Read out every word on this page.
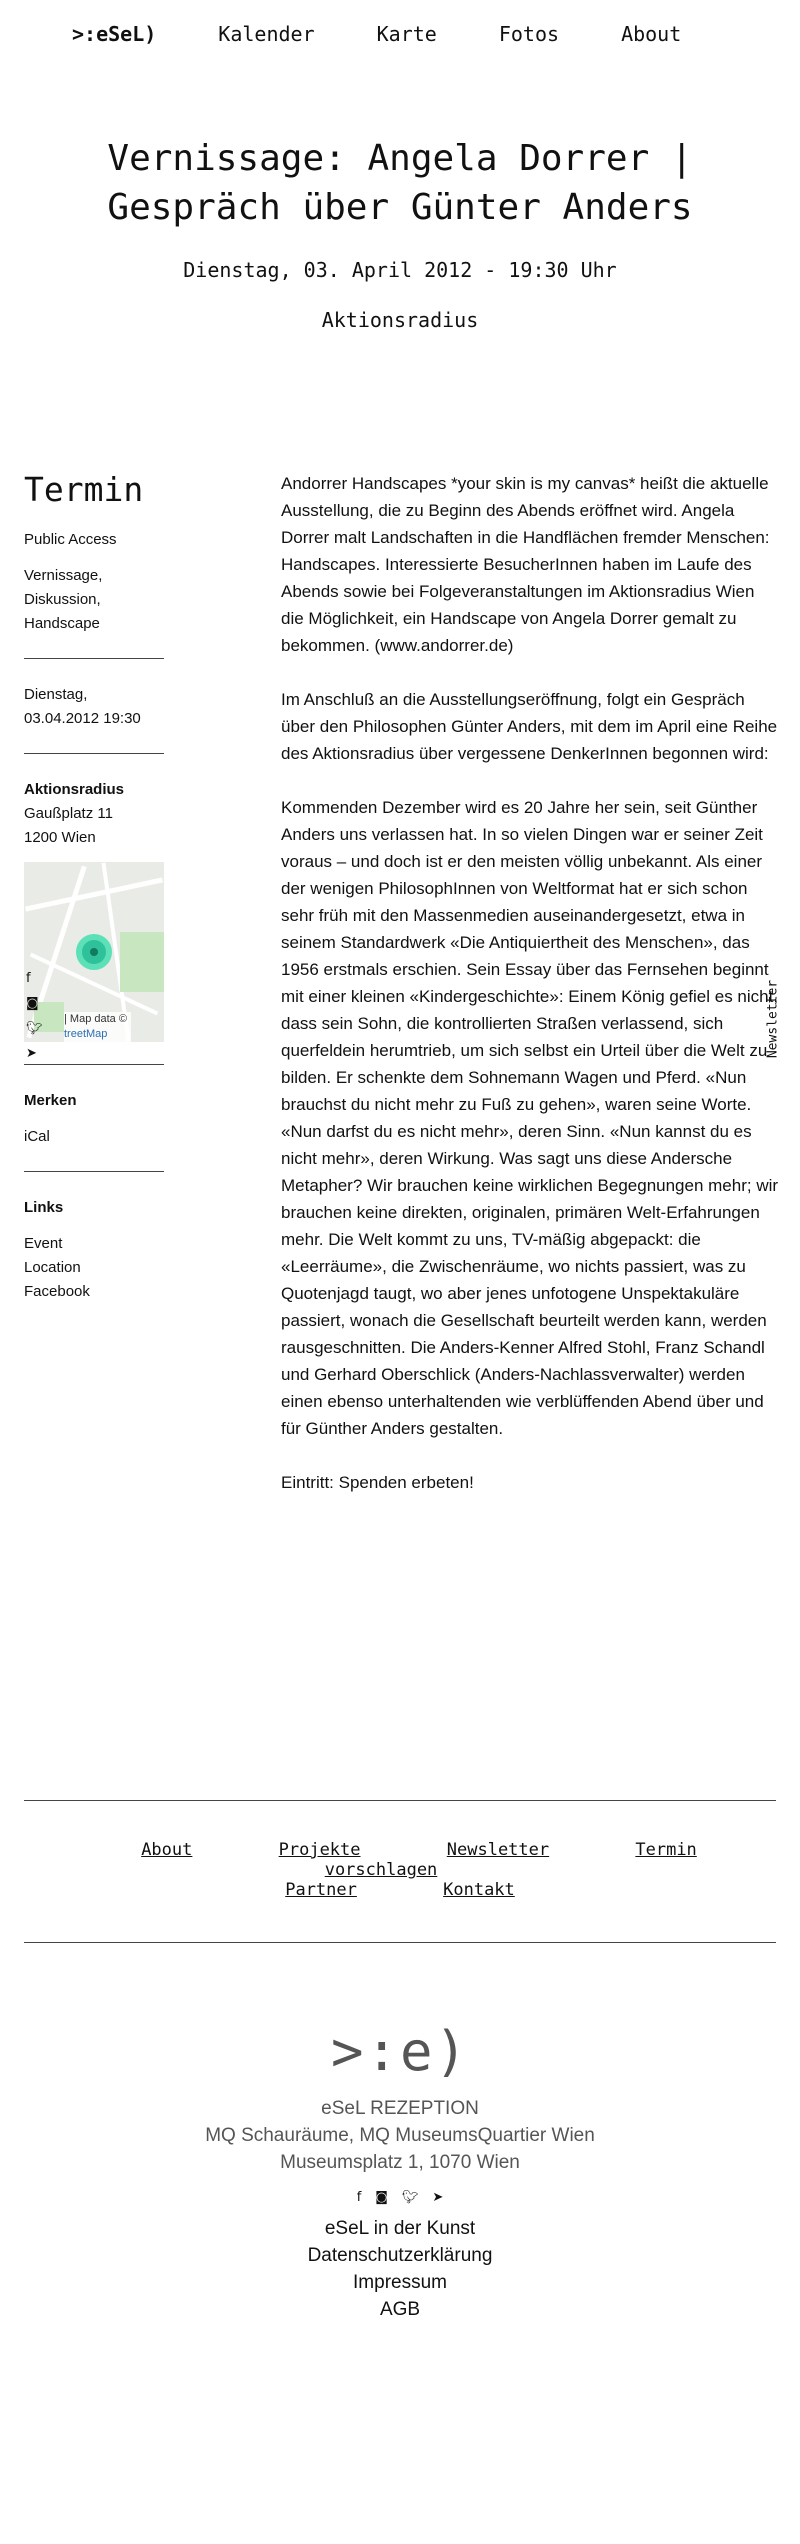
>:eSeL)	Kalender	Karte	Fotos	About
Vernissage: Angela Dorrer | Gespräch über Günter Anders
Dienstag, 03. April 2012 - 19:30 Uhr
Aktionsradius
Termin
Public Access
Vernissage,
Diskussion,
Handscape
Dienstag,
03.04.2012 19:30
Aktionsradius
Gaußplatz 11
1200 Wien
f
◙
🐦︎
➤
| Map data ©
treetMap
Merken
iCal
Links
Event
Location
Facebook

Andorrer Handscapes *your skin is my canvas* heißt die aktuelle Ausstellung, die zu Beginn des Abends eröffnet wird. Angela Dorrer malt Landschaften in die Handflächen fremder Menschen: Handscapes. Interessierte BesucherInnen haben im Laufe des Abends sowie bei Folgeveranstaltungen im Aktionsradius Wien die Möglichkeit, ein Handscape von Angela Dorrer gemalt zu bekommen. (www.andorrer.de)

Im Anschluß an die Ausstellungseröffnung, folgt ein Gespräch über den Philosophen Günter Anders, mit dem im April eine Reihe des Aktionsradius über vergessene DenkerInnen begonnen wird:

Kommenden Dezember wird es 20 Jahre her sein, seit Günther Anders uns verlassen hat. In so vielen Dingen war er seiner Zeit voraus – und doch ist er den meisten völlig unbekannt. Als einer der wenigen PhilosophInnen von Weltformat hat er sich schon sehr früh mit den Massenmedien auseinandergesetzt, etwa in seinem Standardwerk «Die Antiquiertheit des Menschen», das 1956 erstmals erschien. Sein Essay über das Fernsehen beginnt mit einer kleinen «Kindergeschichte»: Einem König gefiel es nicht, dass sein Sohn, die kontrollierten Straßen verlassend, sich querfeldein herumtrieb, um sich selbst ein Urteil über die Welt zu bilden. Er schenkte dem Sohnemann Wagen und Pferd. «Nun brauchst du nicht mehr zu Fuß zu gehen», waren seine Worte. «Nun darfst du es nicht mehr», deren Sinn. «Nun kannst du es nicht mehr», deren Wirkung. Was sagt uns diese Andersche Metapher? Wir brauchen keine wirklichen Begegnungen mehr; wir brauchen keine direkten, originalen, primären Welt-Erfahrungen mehr. Die Welt kommt zu uns, TV-mäßig abgepackt: die «Leerräume», die Zwischenräume, wo nichts passiert, was zu Quotenjagd taugt, wo aber jenes unfotogene Unspektakuläre passiert, wonach die Gesellschaft beurteilt werden kann, werden rausgeschnitten. Die Anders-Kenner Alfred Stohl, Franz Schandl und Gerhard Oberschlick (Anders-Nachlassverwalter) werden einen ebenso unterhaltenden wie verblüffenden Abend über und für Günther Anders gestalten.

Eintritt: Spenden erbeten!

Newsletter
About	Projekte	Newsletter	Termin vorschlagen
Partner	Kontakt
>:e)
eSeL REZEPTION
MQ Schauräume, MQ MuseumsQuartier Wien
Museumsplatz 1, 1070 Wien
f ◙ 🐦︎ ➤
eSeL in der Kunst
Datenschutzerklärung
Impressum
AGB
